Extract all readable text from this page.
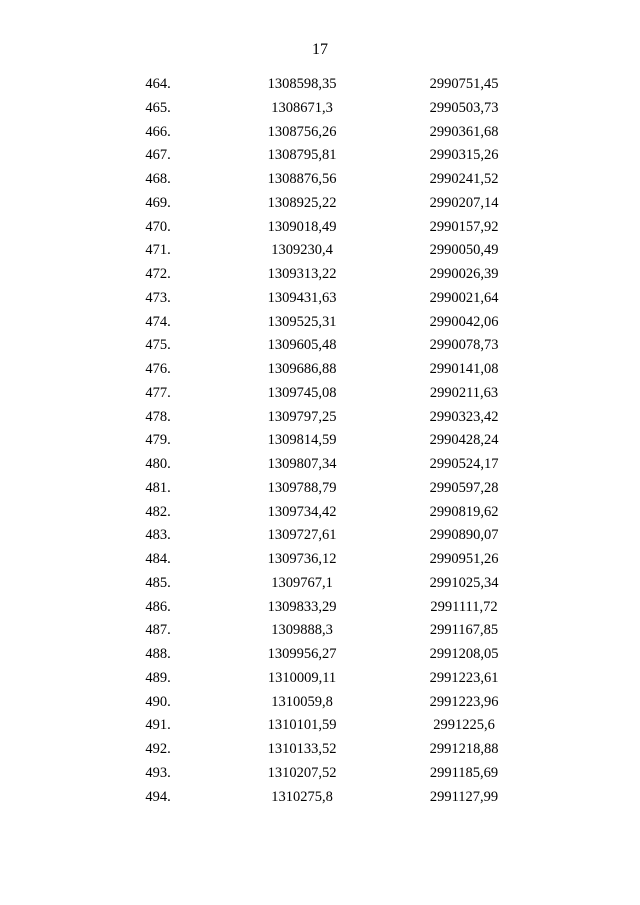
17
464.	1308598,35	2990751,45
465.	1308671,3	2990503,73
466.	1308756,26	2990361,68
467.	1308795,81	2990315,26
468.	1308876,56	2990241,52
469.	1308925,22	2990207,14
470.	1309018,49	2990157,92
471.	1309230,4	2990050,49
472.	1309313,22	2990026,39
473.	1309431,63	2990021,64
474.	1309525,31	2990042,06
475.	1309605,48	2990078,73
476.	1309686,88	2990141,08
477.	1309745,08	2990211,63
478.	1309797,25	2990323,42
479.	1309814,59	2990428,24
480.	1309807,34	2990524,17
481.	1309788,79	2990597,28
482.	1309734,42	2990819,62
483.	1309727,61	2990890,07
484.	1309736,12	2990951,26
485.	1309767,1	2991025,34
486.	1309833,29	2991111,72
487.	1309888,3	2991167,85
488.	1309956,27	2991208,05
489.	1310009,11	2991223,61
490.	1310059,8	2991223,96
491.	1310101,59	2991225,6
492.	1310133,52	2991218,88
493.	1310207,52	2991185,69
494.	1310275,8	2991127,99
